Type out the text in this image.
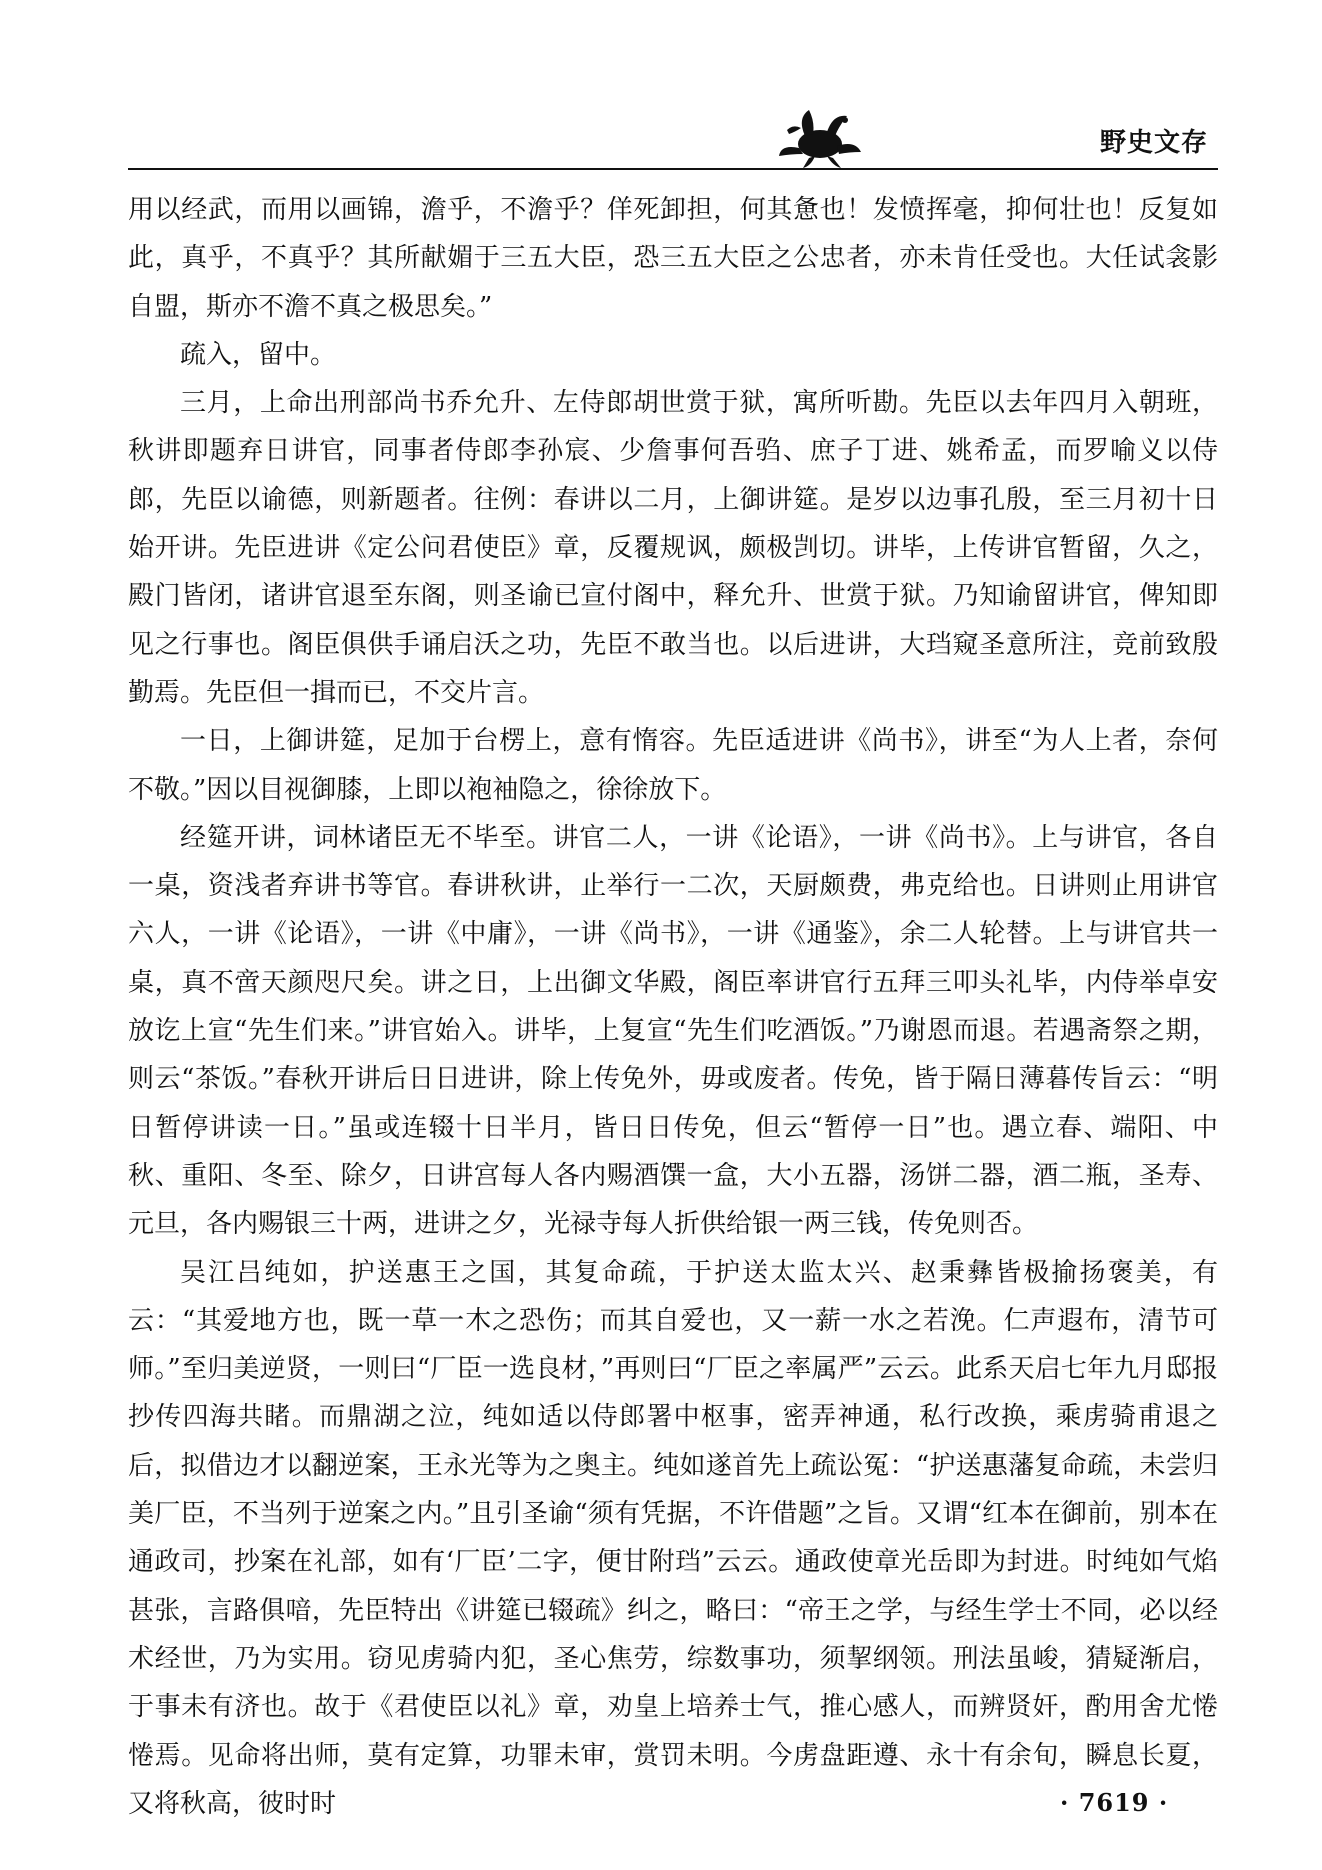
野史文存

用以经武，而用以画锦，澹乎，不澹乎？佯死卸担，何其惫也！发愤挥毫，抑何壮也！反复如此，真乎，不真乎？其所献媚于三五大臣，恐三五大臣之公忠者，亦未肯任受也。大任试衾影自盟，斯亦不澹不真之极思矣。”

疏入，留中。

三月，上命出刑部尚书乔允升、左侍郎胡世赏于狱，寓所听勘。先臣以去年四月入朝班，秋讲即题弃日讲官，同事者侍郎李孙宸、少詹事何吾驺、庶子丁进、姚希孟，而罗喻义以侍郎，先臣以谕德，则新题者。往例：春讲以二月，上御讲筵。是岁以边事孔殷，至三月初十日始开讲。先臣进讲《定公问君使臣》章，反覆规讽，颇极剀切。讲毕，上传讲官暂留，久之，殿门皆闭，诸讲官退至东阁，则圣谕已宣付阁中，释允升、世赏于狱。乃知谕留讲官，俾知即见之行事也。阁臣俱供手诵启沃之功，先臣不敢当也。以后进讲，大珰窥圣意所注，竞前致殷勤焉。先臣但一揖而已，不交片言。

一日，上御讲筵，足加于台楞上，意有惰容。先臣适进讲《尚书》，讲至“为人上者，奈何不敬。”因以目视御膝，上即以袍袖隐之，徐徐放下。

经筵开讲，词林诸臣无不毕至。讲官二人，一讲《论语》，一讲《尚书》。上与讲官，各自一桌，资浅者弃讲书等官。春讲秋讲，止举行一二次，天厨颇费，弗克给也。日讲则止用讲官六人，一讲《论语》，一讲《中庸》，一讲《尚书》，一讲《通鉴》，余二人轮替。上与讲官共一桌，真不啻天颜咫尺矣。讲之日，上出御文华殿，阁臣率讲官行五拜三叩头礼毕，内侍举卓安放讫上宣“先生们来。”讲官始入。讲毕，上复宣“先生们吃酒饭。”乃谢恩而退。若遇斋祭之期，则云“茶饭。”春秋开讲后日日进讲，除上传免外，毋或废者。传免，皆于隔日薄暮传旨云：“明日暂停讲读一日。”虽或连辍十日半月，皆日日传免，但云“暂停一日”也。遇立春、端阳、中秋、重阳、冬至、除夕，日讲宫每人各内赐酒馔一盒，大小五器，汤饼二器，酒二瓶，圣寿、元旦，各内赐银三十两，进讲之夕，光禄寺每人折供给银一两三钱，传免则否。

吴江吕纯如，护送惠王之国，其复命疏，于护送太监太兴、赵秉彝皆极揄扬褒美，有云：“其爱地方也，既一草一木之恐伤；而其自爱也，又一薪一水之若浼。仁声遐布，清节可师。”至归美逆贤，一则曰“厂臣一选良材，”再则曰“厂臣之率属严”云云。此系天启七年九月邸报抄传四海共睹。而鼎湖之泣，纯如适以侍郎署中枢事，密弄神通，私行改换，乘虏骑甫退之后，拟借边才以翻逆案，王永光等为之奥主。纯如遂首先上疏讼冤：“护送惠藩复命疏，未尝归美厂臣，不当列于逆案之内。”且引圣谕“须有凭据，不许借题”之旨。又谓“红本在御前，别本在通政司，抄案在礼部，如有‘厂臣’二字，便甘附珰”云云。通政使章光岳即为封进。时纯如气焰甚张，言路俱喑，先臣特出《讲筵已辍疏》纠之，略曰：“帝王之学，与经生学士不同，必以经术经世，乃为实用。窃见虏骑内犯，圣心焦劳，综数事功，须挈纲领。刑法虽峻，猜疑渐启，于事未有济也。故于《君使臣以礼》章，劝皇上培养士气，推心感人，而辨贤奸，酌用舍尤惓惓焉。见命将出师，莫有定算，功罪未审，赏罚未明。今虏盘距遵、永十有余旬，瞬息长夏，又将秋高，彼时时	· 7619 ·
